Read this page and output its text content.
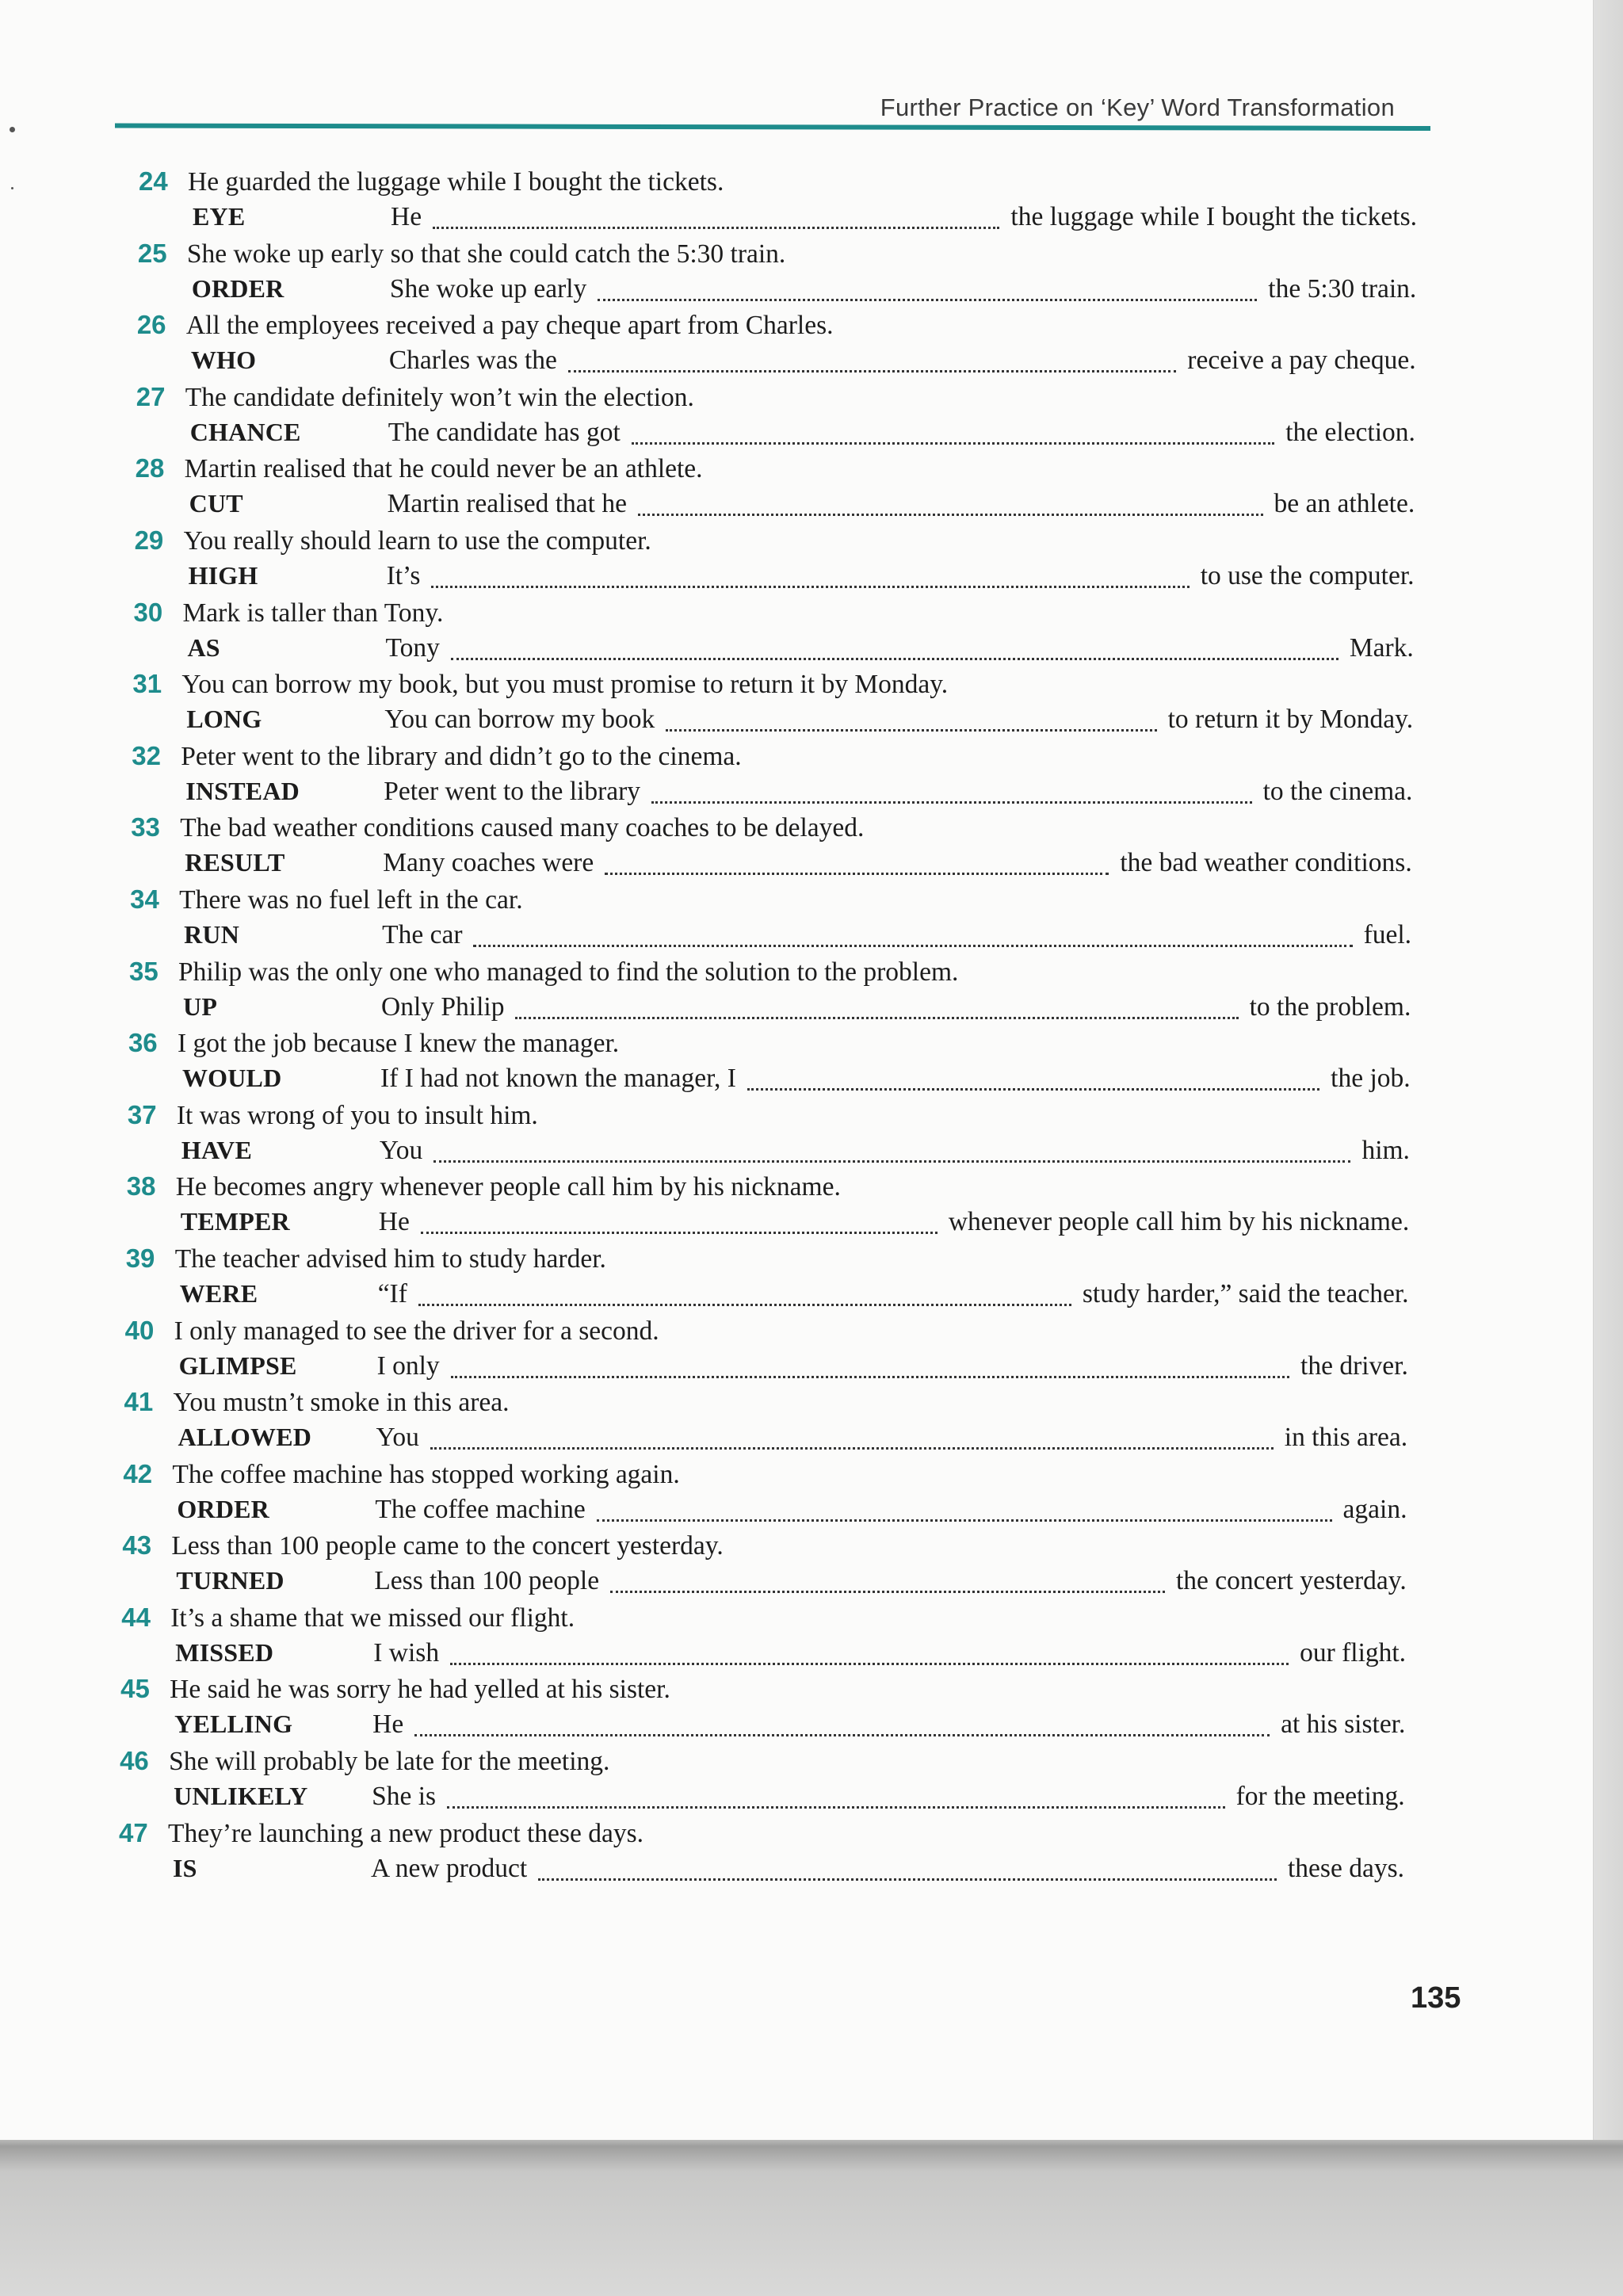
Further Practice on ‘Key’ Word Transformation
24 He guarded the luggage while I bought the tickets.
EYE	He	the luggage while I bought the tickets.
25 She woke up early so that she could catch the 5:30 train.
ORDER	She woke up early	the 5:30 train.
26 All the employees received a pay cheque apart from Charles.
WHO	Charles was the	receive a pay cheque.
27 The candidate definitely won’t win the election.
CHANCE	The candidate has got	the election.
28 Martin realised that he could never be an athlete.
CUT	Martin realised that he	be an athlete.
29 You really should learn to use the computer.
HIGH	It’s	to use the computer.
30 Mark is taller than Tony.
AS	Tony	Mark.
31 You can borrow my book, but you must promise to return it by Monday.
LONG	You can borrow my book	to return it by Monday.
32 Peter went to the library and didn’t go to the cinema.
INSTEAD	Peter went to the library	to the cinema.
33 The bad weather conditions caused many coaches to be delayed.
RESULT	Many coaches were	the bad weather conditions.
34 There was no fuel left in the car.
RUN	The car	fuel.
35 Philip was the only one who managed to find the solution to the problem.
UP	Only Philip	to the problem.
36 I got the job because I knew the manager.
WOULD	If I had not known the manager, I	the job.
37 It was wrong of you to insult him.
HAVE	You	him.
38 He becomes angry whenever people call him by his nickname.
TEMPER	He	whenever people call him by his nickname.
39 The teacher advised him to study harder.
WERE	“If	study harder,” said the teacher.
40 I only managed to see the driver for a second.
GLIMPSE	I only	the driver.
41 You mustn’t smoke in this area.
ALLOWED	You	in this area.
42 The coffee machine has stopped working again.
ORDER	The coffee machine	again.
43 Less than 100 people came to the concert yesterday.
TURNED	Less than 100 people	the concert yesterday.
44 It’s a shame that we missed our flight.
MISSED	I wish	our flight.
45 He said he was sorry he had yelled at his sister.
YELLING	He	at his sister.
46 She will probably be late for the meeting.
UNLIKELY	She is	for the meeting.
47 They’re launching a new product these days.
IS	A new product	these days.
135
